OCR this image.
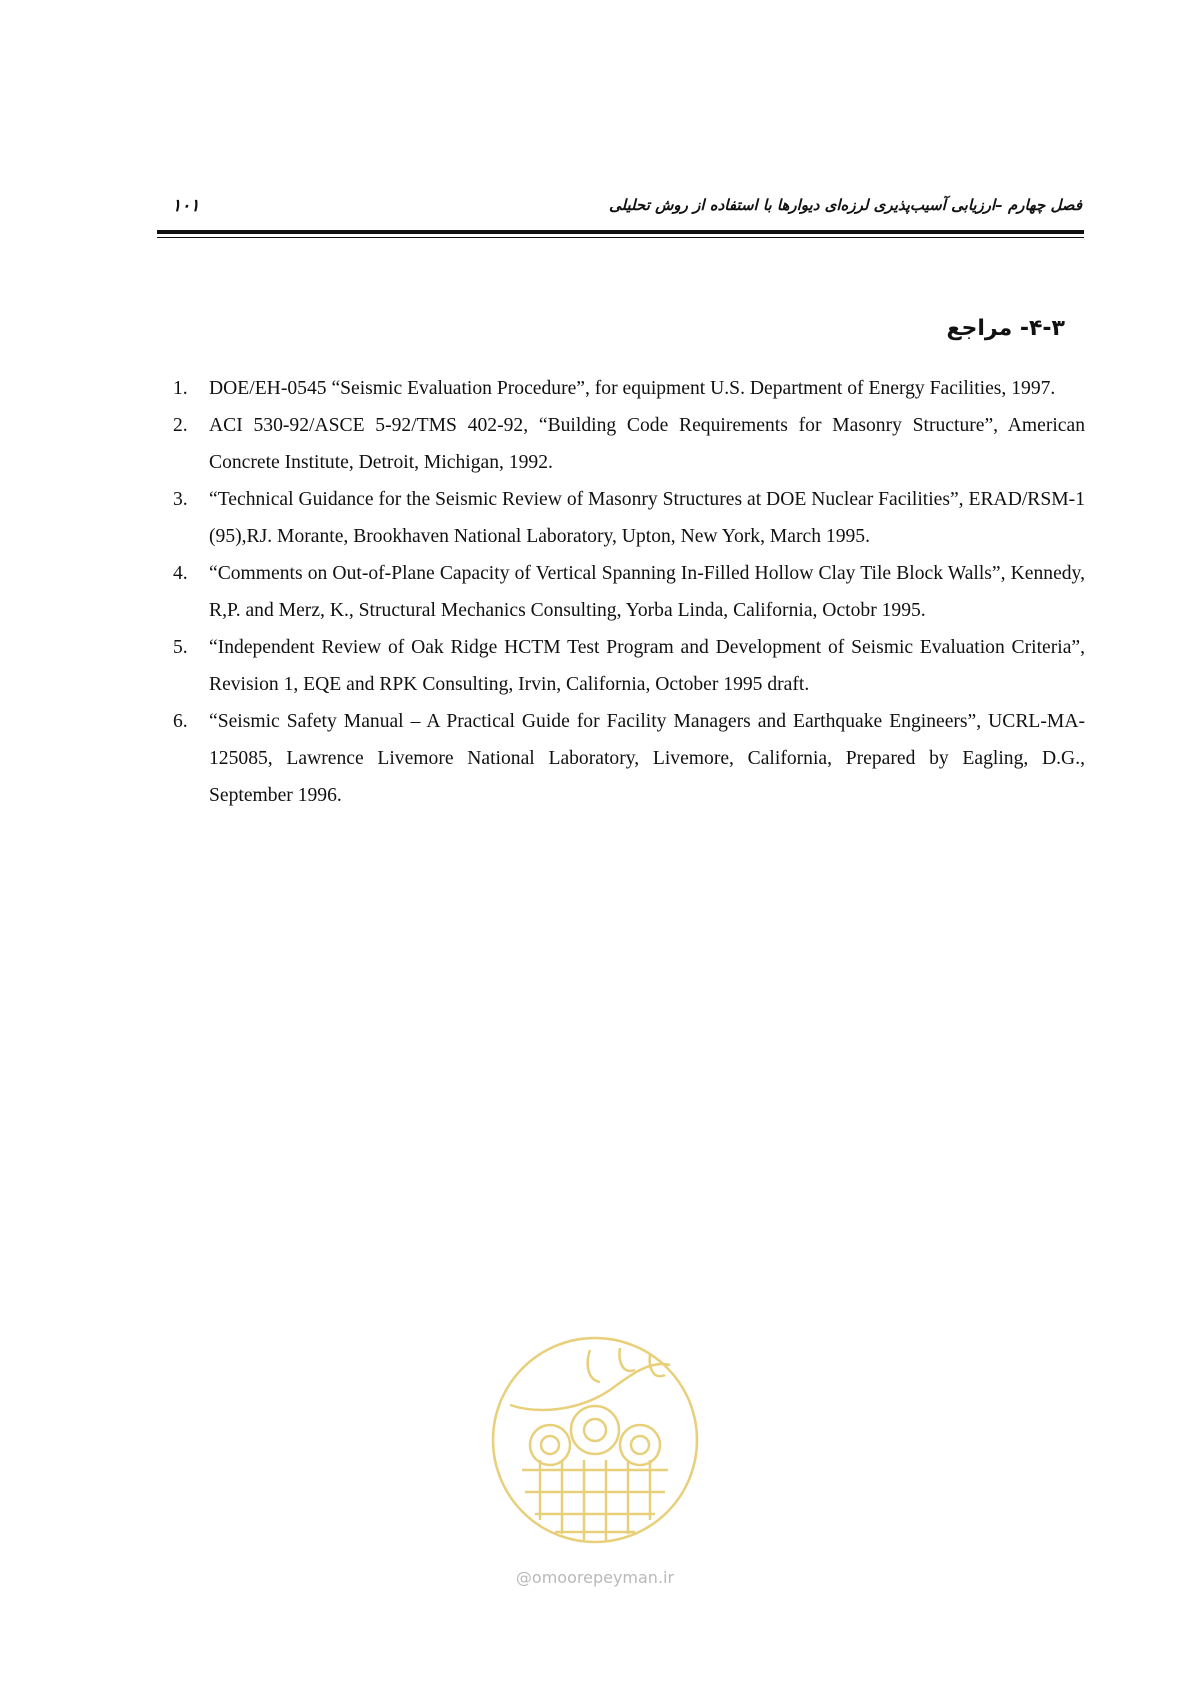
۱۰۱	فصل چهارم –ارزیابی آسیب‌پذیری لرزه‌ای دیوارها با استفاده از روش تحلیلی
۴-۳- مراجع
1. DOE/EH-0545 “Seismic Evaluation Procedure”, for equipment U.S. Department of Energy Facilities, 1997.
2. ACI 530-92/ASCE 5-92/TMS 402-92, “Building Code Requirements for Masonry Structure”, American Concrete Institute, Detroit, Michigan, 1992.
3. “Technical Guidance for the Seismic Review of Masonry Structures at DOE Nuclear Facilities”, ERAD/RSM-1 (95),RJ. Morante, Brookhaven National Laboratory, Upton, New York, March 1995.
4. “Comments on Out-of-Plane Capacity of Vertical Spanning In-Filled Hollow Clay Tile Block Walls”, Kennedy, R,P. and Merz, K., Structural Mechanics Consulting, Yorba Linda, California, Octobr 1995.
5. “Independent Review of Oak Ridge HCTM Test Program and Development of Seismic Evaluation Criteria”, Revision 1, EQE and RPK Consulting, Irvin, California, October 1995 draft.
6. “Seismic Safety Manual – A Practical Guide for Facility Managers and Earthquake Engineers”, UCRL-MA-125085, Lawrence Livemore National Laboratory, Livemore, California, Prepared by Eagling, D.G., September 1996.
@omoorepeyman.ir
